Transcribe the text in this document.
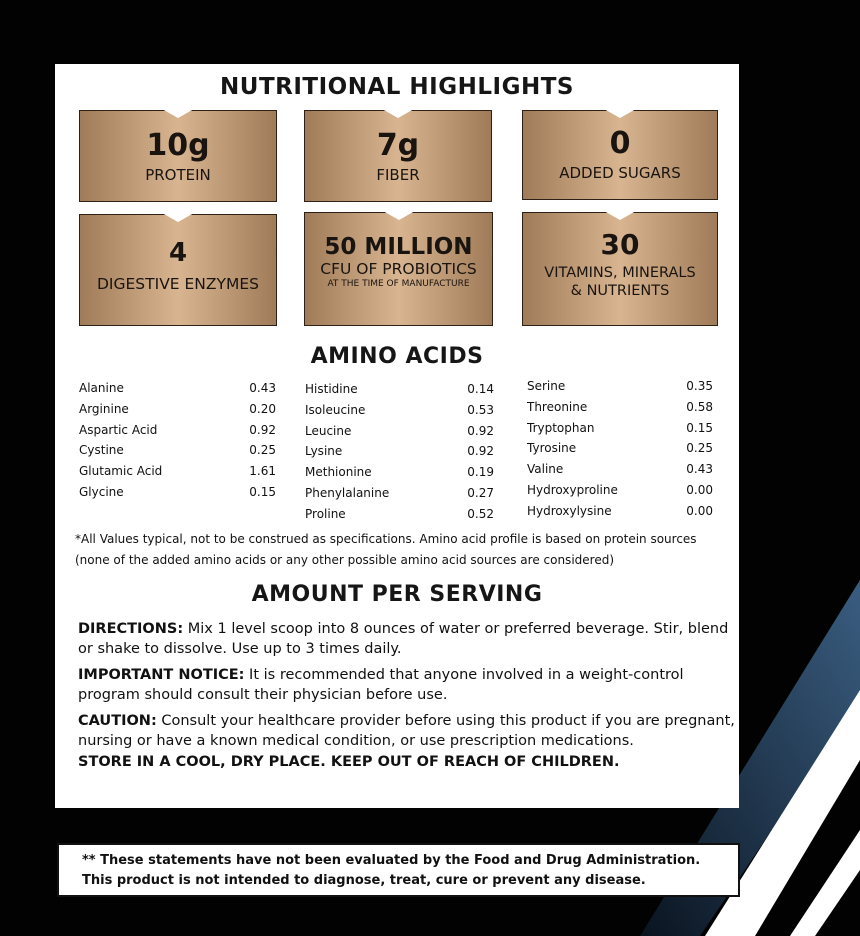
NUTRITIONAL HIGHLIGHTS
10g
PROTEIN
7g
FIBER
0
ADDED SUGARS
4
DIGESTIVE ENZYMES
50 MILLION
CFU OF PROBIOTICS
AT THE TIME OF MANUFACTURE
30
VITAMINS, MINERALS
& NUTRIENTS
AMINO ACIDS
Alanine	0.43
Arginine	0.20
Aspartic Acid	0.92
Cystine	0.25
Glutamic Acid	1.61
Glycine	0.15
Histidine	0.14
Isoleucine	0.53
Leucine	0.92
Lysine	0.92
Methionine	0.19
Phenylalanine	0.27
Proline	0.52
Serine	0.35
Threonine	0.58
Tryptophan	0.15
Tyrosine	0.25
Valine	0.43
Hydroxyproline	0.00
Hydroxylysine	0.00
*All Values typical, not to be construed as specifications. Amino acid profile is based on protein sources (none of the added amino acids or any other possible amino acid sources are considered)
AMOUNT PER SERVING

DIRECTIONS: Mix 1 level scoop into 8 ounces of water or preferred beverage. Stir, blend or shake to dissolve. Use up to 3 times daily.

IMPORTANT NOTICE: It is recommended that anyone involved in a weight-control program should consult their physician before use.

CAUTION: Consult your healthcare provider before using this product if you are pregnant, nursing or have a known medical condition, or use prescription medications.

STORE IN A COOL, DRY PLACE. KEEP OUT OF REACH OF CHILDREN.
** These statements have not been evaluated by the Food and Drug Administration.
This product is not intended to diagnose, treat, cure or prevent any disease.
